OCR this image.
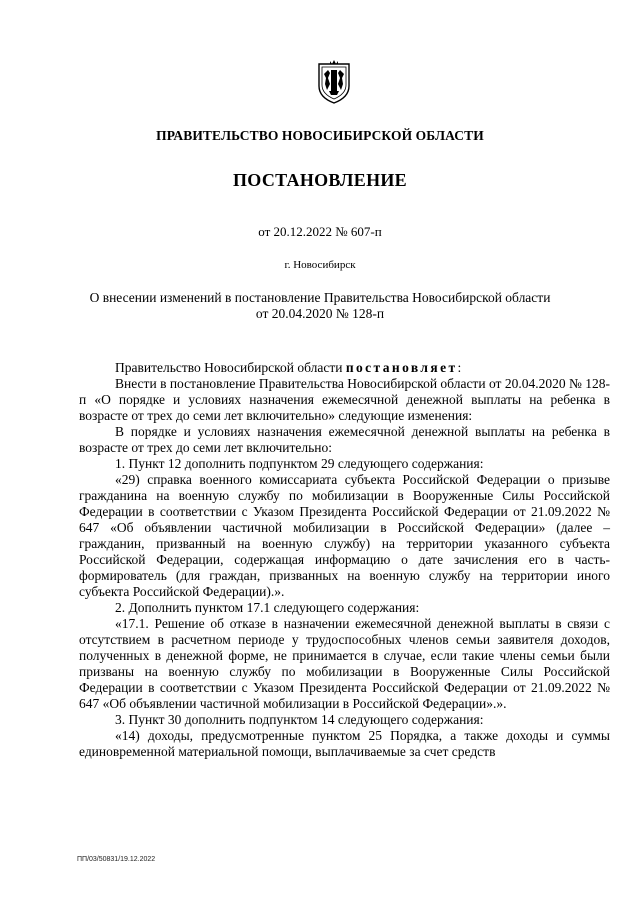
ПРАВИТЕЛЬСТВО НОВОСИБИРСКОЙ ОБЛАСТИ
ПОСТАНОВЛЕНИЕ
от 20.12.2022 № 607-п
г. Новосибирск
О внесении изменений в постановление Правительства Новосибирской области
от 20.04.2020 № 128-п

Правительство Новосибирской области постановляет:

Внести в постановление Правительства Новосибирской области от 20.04.2020 № 128-п «О порядке и условиях назначения ежемесячной денежной выплаты на ребенка в возрасте от трех до семи лет включительно» следующие изменения:

В порядке и условиях назначения ежемесячной денежной выплаты на ребенка в возрасте от трех до семи лет включительно:

1. Пункт 12 дополнить подпунктом 29 следующего содержания:

«29) справка военного комиссариата субъекта Российской Федерации о призыве гражданина на военную службу по мобилизации в Вооруженные Силы Российской Федерации в соответствии с Указом Президента Российской Федерации от 21.09.2022 № 647 «Об объявлении частичной мобилизации в Российской Федерации» (далее – гражданин, призванный на военную службу) на территории указанного субъекта Российской Федерации, содержащая информацию о дате зачисления его в часть-формирователь (для граждан, призванных на военную службу на территории иного субъекта Российской Федерации).».

2. Дополнить пунктом 17.1 следующего содержания:

«17.1. Решение об отказе в назначении ежемесячной денежной выплаты в связи с отсутствием в расчетном периоде у трудоспособных членов семьи заявителя доходов, полученных в денежной форме, не принимается в случае, если такие члены семьи были призваны на военную службу по мобилизации в Вооруженные Силы Российской Федерации в соответствии с Указом Президента Российской Федерации от 21.09.2022 № 647 «Об объявлении частичной мобилизации в Российской Федерации».».

3. Пункт 30 дополнить подпунктом 14 следующего содержания:

«14) доходы, предусмотренные пунктом 25 Порядка, а также доходы и суммы единовременной материальной помощи, выплачиваемые за счет средств

ПП/03/50831/19.12.2022
